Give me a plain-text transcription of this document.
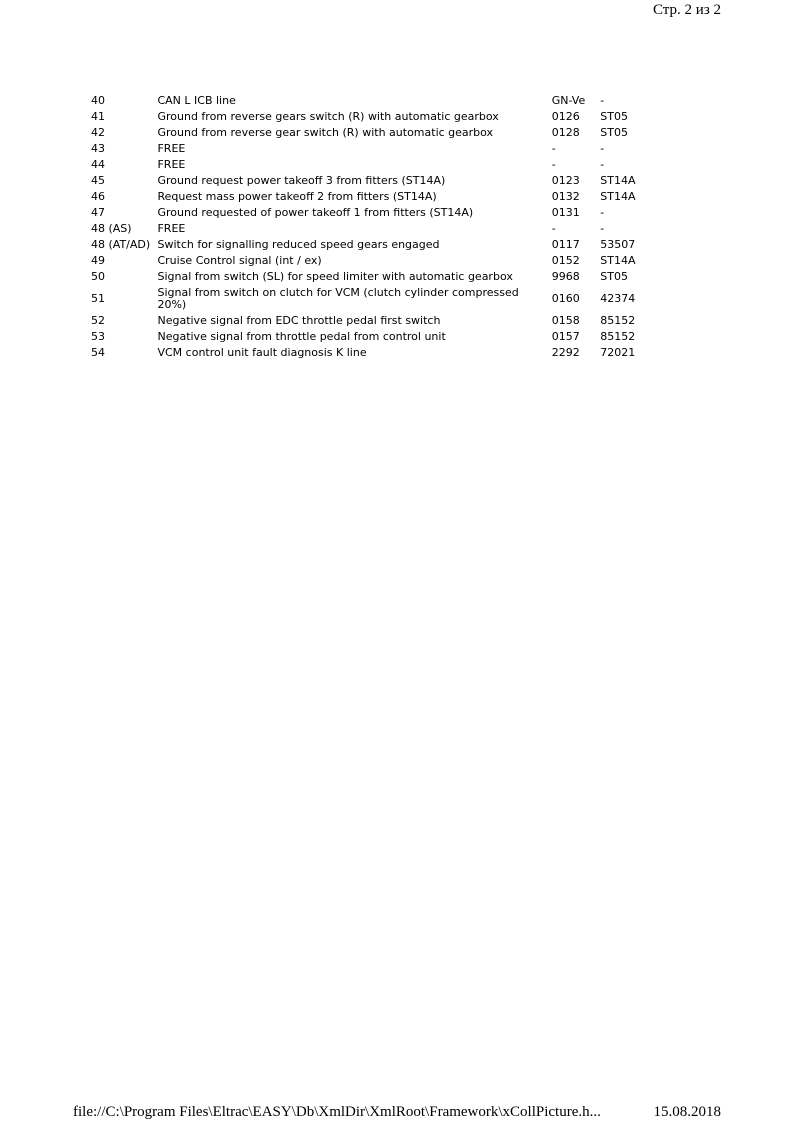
Стр. 2 из 2
40	CAN L ICB line	GN-Ve	-
41	Ground from reverse gears switch (R) with automatic gearbox	0126	ST05
42	Ground from reverse gear switch (R) with automatic gearbox	0128	ST05
43	FREE	-	-
44	FREE	-	-
45	Ground request power takeoff 3 from fitters (ST14A)	0123	ST14A
46	Request mass power takeoff 2 from fitters (ST14A)	0132	ST14A
47	Ground requested of power takeoff 1 from fitters (ST14A)	0131	-
48 (AS)	FREE	-	-
48 (AT/AD)	Switch for signalling reduced speed gears engaged	0117	53507
49	Cruise Control signal (int / ex)	0152	ST14A
50	Signal from switch (SL) for speed limiter with automatic gearbox	9968	ST05
51	Signal from switch on clutch for VCM (clutch cylinder compressed 20%)	0160	42374
52	Negative signal from EDC throttle pedal first switch	0158	85152
53	Negative signal from throttle pedal from control unit	0157	85152
54	VCM control unit fault diagnosis K line	2292	72021
file://C:\Program Files\Eltrac\EASY\Db\XmlDir\XmlRoot\Framework\xCollPicture.h...	15.08.2018
